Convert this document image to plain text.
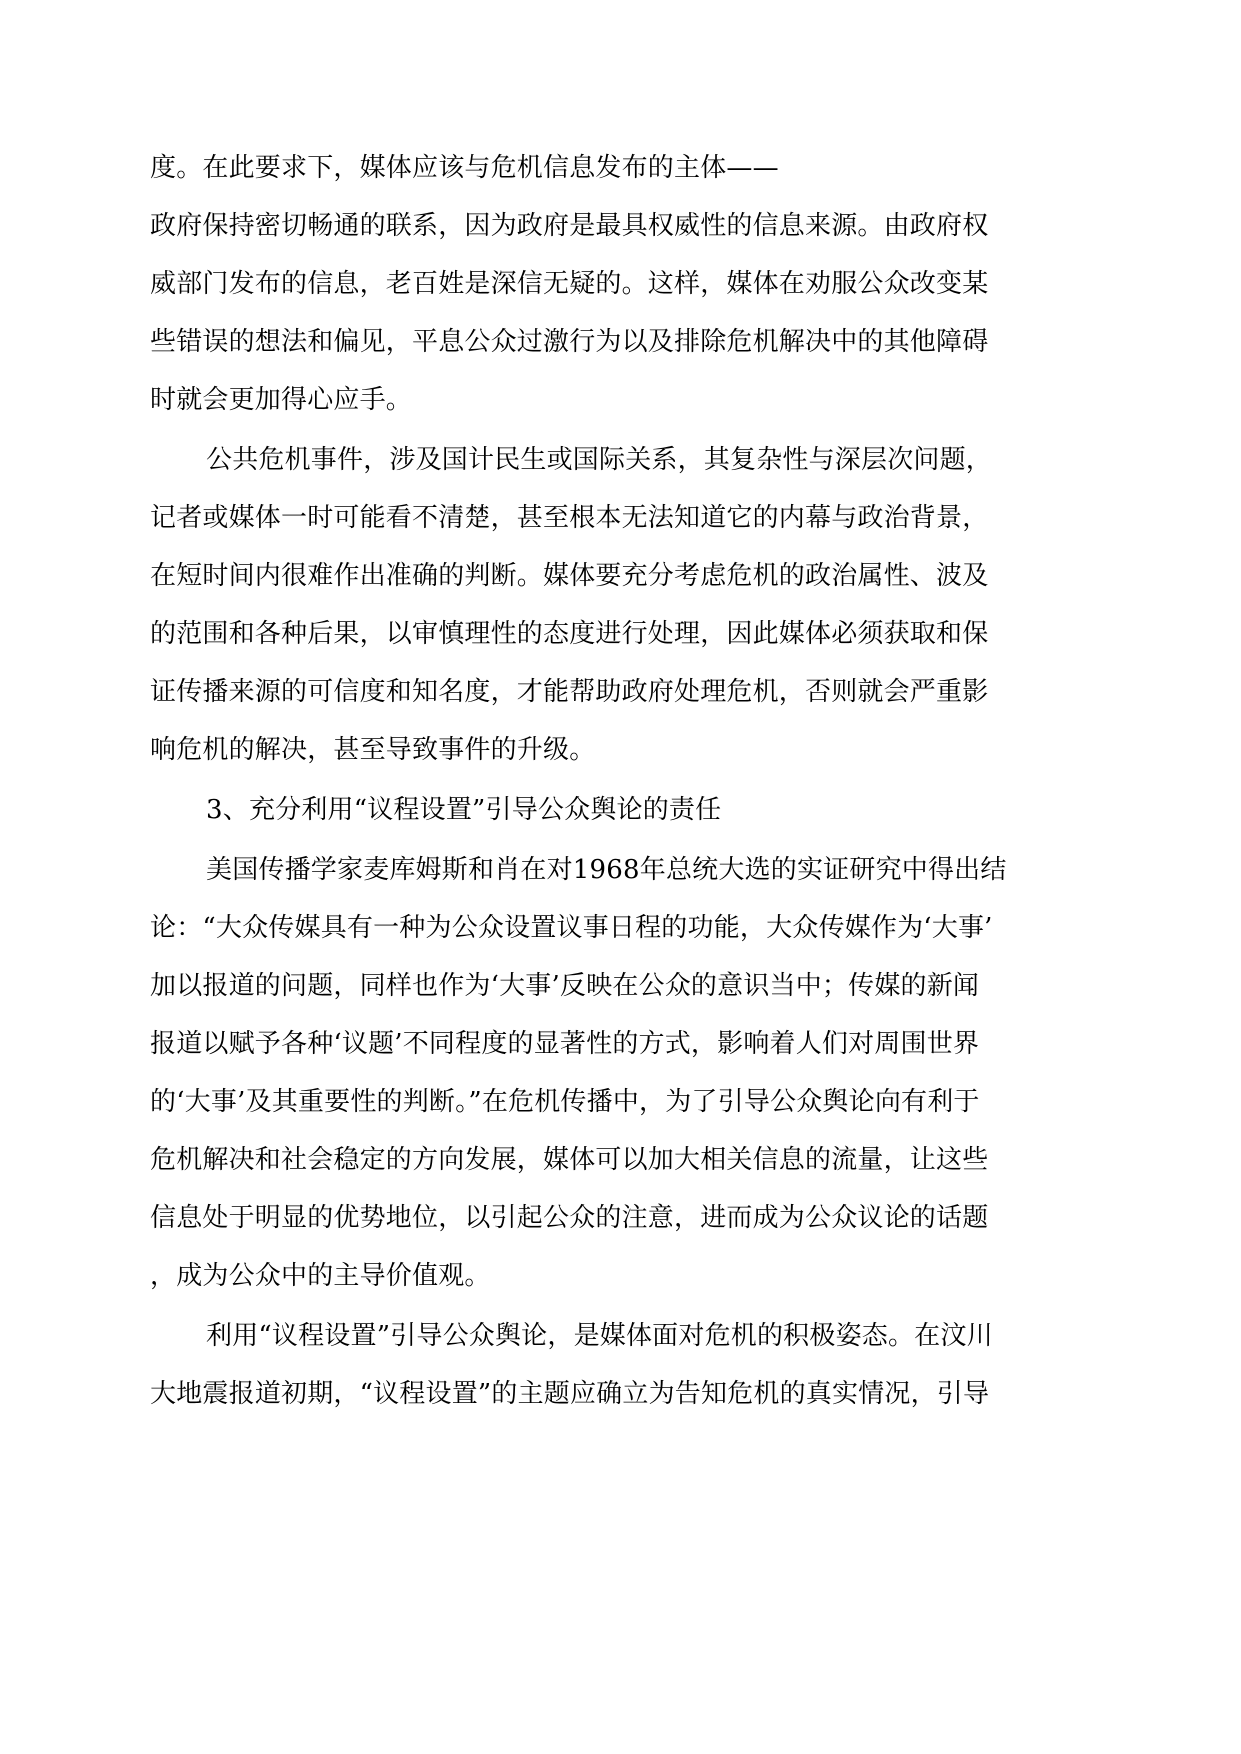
度。在此要求下，媒体应该与危机信息发布的主体——
政府保持密切畅通的联系，因为政府是最具权威性的信息来源。由政府权
威部门发布的信息，老百姓是深信无疑的。这样，媒体在劝服公众改变某
些错误的想法和偏见，平息公众过激行为以及排除危机解决中的其他障碍
时就会更加得心应手。
公共危机事件，涉及国计民生或国际关系，其复杂性与深层次问题，
记者或媒体一时可能看不清楚，甚至根本无法知道它的内幕与政治背景，
在短时间内很难作出准确的判断。媒体要充分考虑危机的政治属性、波及
的范围和各种后果，以审慎理性的态度进行处理，因此媒体必须获取和保
证传播来源的可信度和知名度，才能帮助政府处理危机，否则就会严重影
响危机的解决，甚至导致事件的升级。
3、充分利用“议程设置”引导公众舆论的责任
美国传播学家麦库姆斯和肖在对1968年总统大选的实证研究中得出结
论：“大众传媒具有一种为公众设置议事日程的功能，大众传媒作为‘大事’
加以报道的问题，同样也作为‘大事’反映在公众的意识当中；传媒的新闻
报道以赋予各种‘议题’不同程度的显著性的方式，影响着人们对周围世界
的‘大事’及其重要性的判断。”在危机传播中，为了引导公众舆论向有利于
危机解决和社会稳定的方向发展，媒体可以加大相关信息的流量，让这些
信息处于明显的优势地位，以引起公众的注意，进而成为公众议论的话题
，成为公众中的主导价值观。
利用“议程设置”引导公众舆论，是媒体面对危机的积极姿态。在汶川
大地震报道初期，“议程设置”的主题应确立为告知危机的真实情况，引导
